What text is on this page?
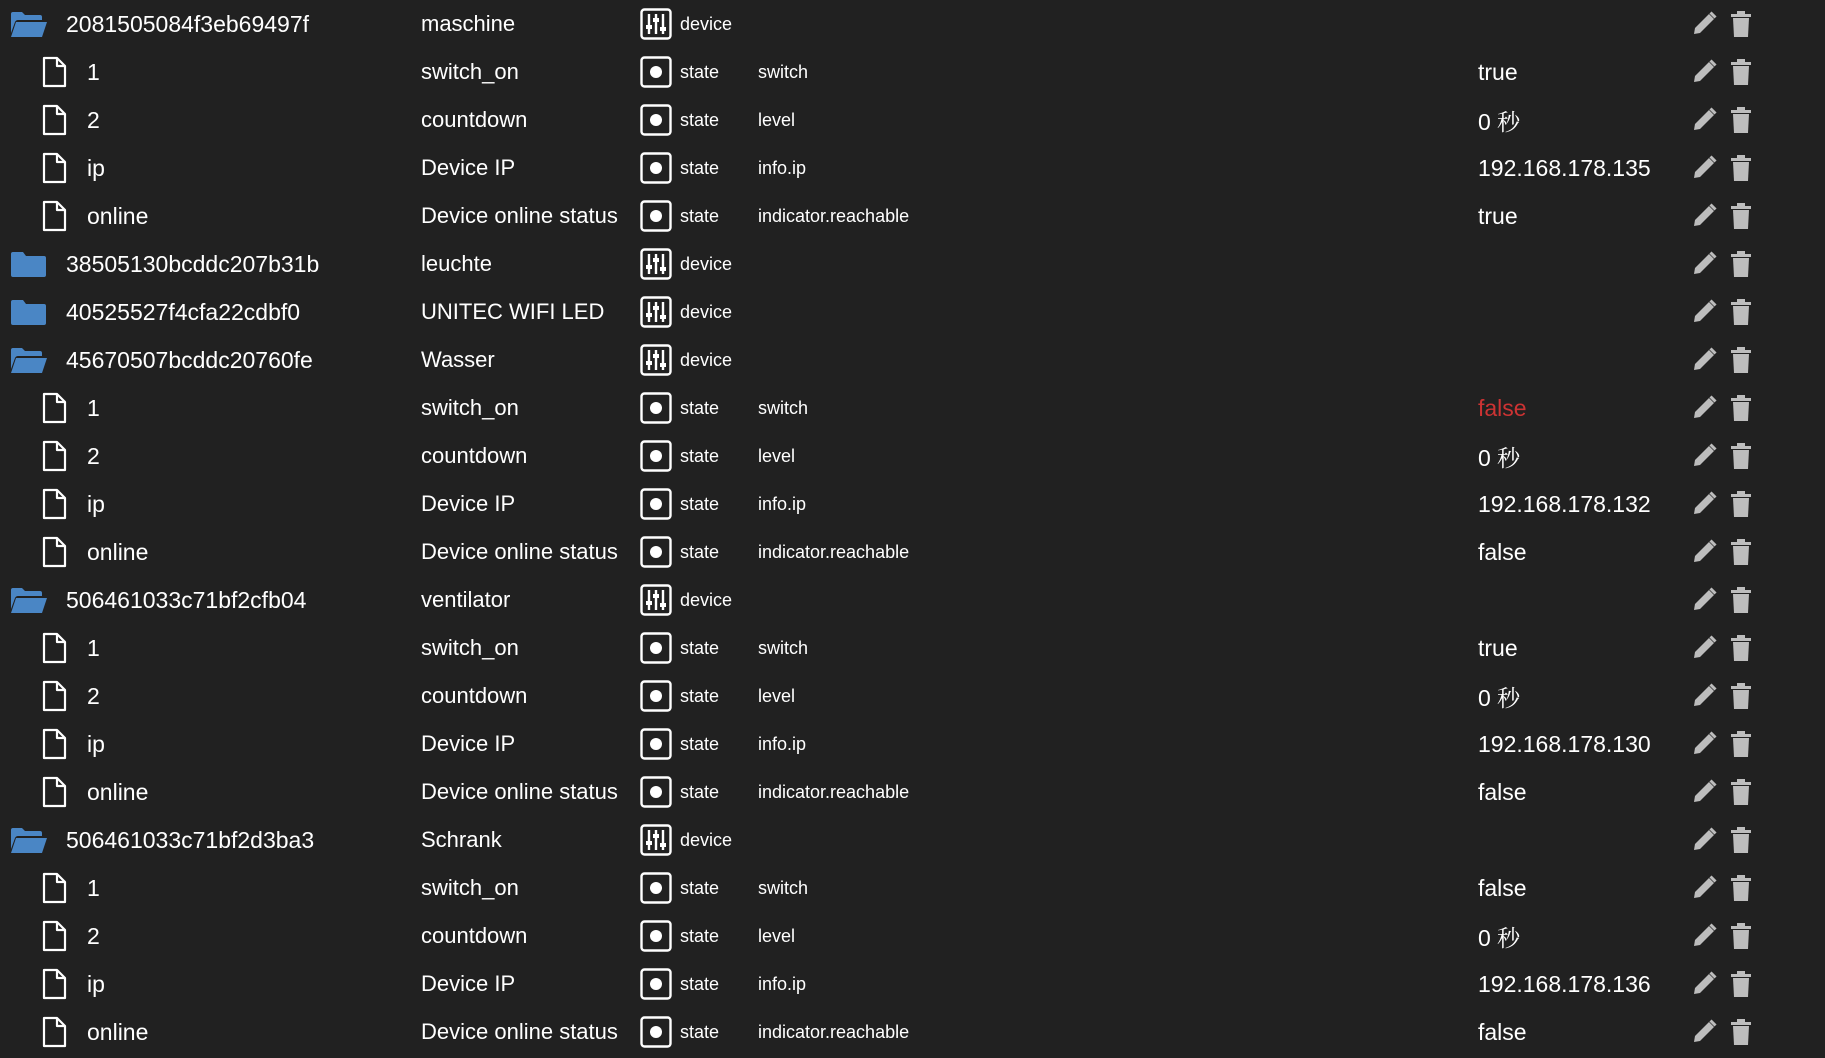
2081505084f3eb69497f	maschine	device
1	switch_on	state switch	true
2	countdown	state level	0 秒
ip	Device IP	state info.ip	192.168.178.135
online	Device online status	state indicator.reachable	true
38505130bcddc207b31b	leuchte	device
40525527f4cfa22cdbf0	UNITEC WIFI LED	device
45670507bcddc20760fe	Wasser	device
1	switch_on	state switch	false
2	countdown	state level	0 秒
ip	Device IP	state info.ip	192.168.178.132
online	Device online status	state indicator.reachable	false
506461033c71bf2cfb04	ventilator	device
1	switch_on	state switch	true
2	countdown	state level	0 秒
ip	Device IP	state info.ip	192.168.178.130
online	Device online status	state indicator.reachable	false
506461033c71bf2d3ba3	Schrank	device
1	switch_on	state switch	false
2	countdown	state level	0 秒
ip	Device IP	state info.ip	192.168.178.136
online	Device online status	state indicator.reachable	false
